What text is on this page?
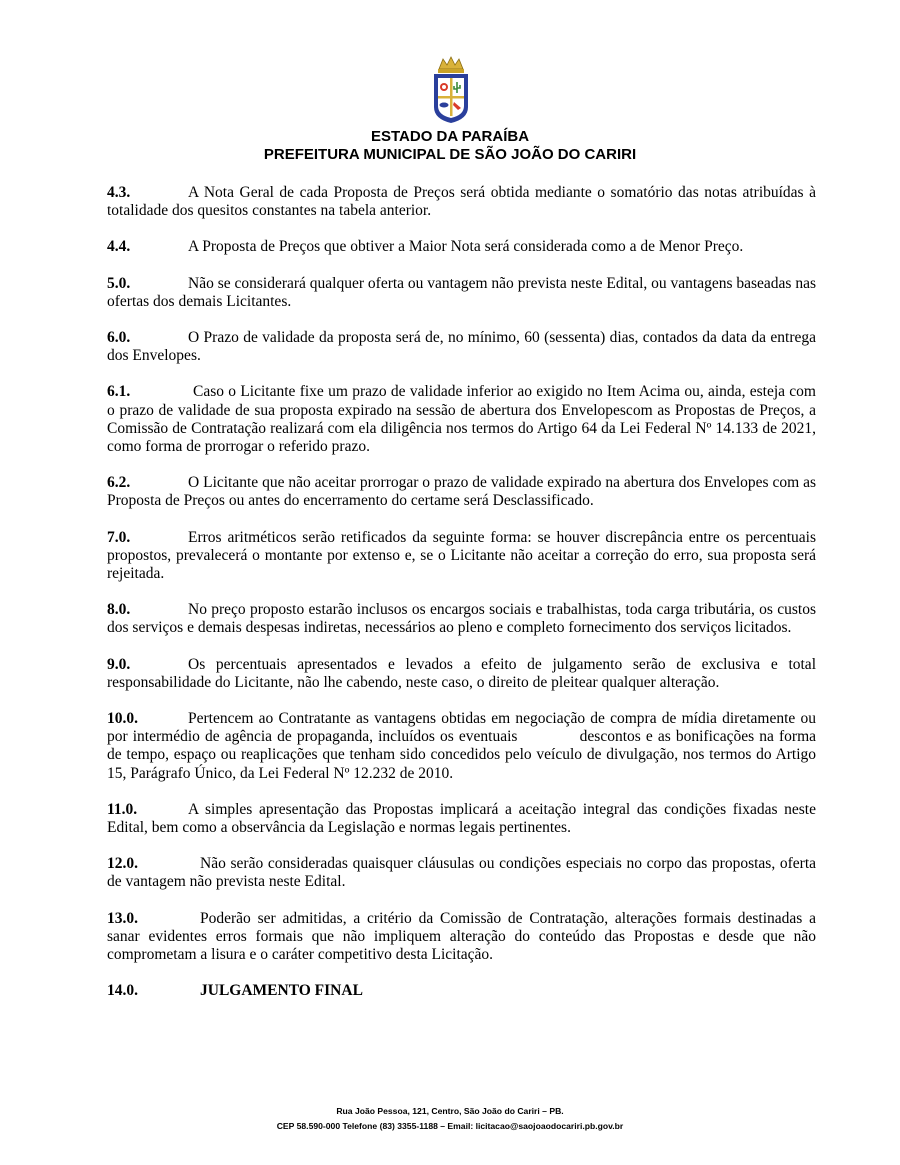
ESTADO DA PARAÍBA
PREFEITURA MUNICIPAL DE SÃO JOÃO DO CARIRI

4.3.	A Nota Geral de cada Proposta de Preços será obtida mediante o somatório das notas atribuídas à totalidade dos quesitos constantes na tabela anterior.

4.4.	A Proposta de Preços que obtiver a Maior Nota será considerada como a de Menor Preço.

5.0.	Não se considerará qualquer oferta ou vantagem não prevista neste Edital, ou vantagens baseadas nas ofertas dos demais Licitantes.

6.0.	O Prazo de validade da proposta será de, no mínimo, 60 (sessenta) dias, contados da data da entrega dos Envelopes.

6.1.	Caso o Licitante fixe um prazo de validade inferior ao exigido no Item Acima ou, ainda, esteja com o prazo de validade de sua proposta expirado na sessão de abertura dos Envelopescom as Propostas de Preços, a Comissão de Contratação realizará com ela diligência nos termos do Artigo 64 da Lei Federal Nº 14.133 de 2021, como forma de prorrogar o referido prazo.

6.2.	O Licitante que não aceitar prorrogar o prazo de validade expirado na abertura dos Envelopes com as Proposta de Preços ou antes do encerramento do certame será Desclassificado.

7.0.	Erros aritméticos serão retificados da seguinte forma: se houver discrepância entre os percentuais propostos, prevalecerá o montante por extenso e, se o Licitante não aceitar a correção do erro, sua proposta será rejeitada.

8.0.	No preço proposto estarão inclusos os encargos sociais e trabalhistas, toda carga tributária, os custos dos serviços e demais despesas indiretas, necessários ao pleno e completo fornecimento dos serviços licitados.

9.0.	Os percentuais apresentados e levados a efeito de julgamento serão de exclusiva e total responsabilidade do Licitante, não lhe cabendo, neste caso, o direito de pleitear qualquer alteração.

10.0.	Pertencem ao Contratante as vantagens obtidas em negociação de compra de mídia diretamente ou por intermédio de agência de propaganda, incluídos os eventuais	descontos e as bonificações na forma de tempo, espaço ou reaplicações que tenham sido concedidos pelo veículo de divulgação, nos termos do Artigo 15, Parágrafo Único, da Lei Federal Nº 12.232 de 2010.

11.0.	A simples apresentação das Propostas implicará a aceitação integral das condições fixadas neste Edital, bem como a observância da Legislação e normas legais pertinentes.

12.0.	Não serão consideradas quaisquer cláusulas ou condições especiais no corpo das propostas, oferta de vantagem não prevista neste Edital.

13.0.	Poderão ser admitidas, a critério da Comissão de Contratação, alterações formais destinadas a sanar evidentes erros formais que não impliquem alteração do conteúdo das Propostas e desde que não comprometam a lisura e o caráter competitivo desta Licitação.

14.0.	JULGAMENTO FINAL

Rua João Pessoa, 121, Centro, São João do Cariri – PB.
CEP 58.590-000 Telefone (83) 3355-1188 – Email: licitacao@saojoaodocariri.pb.gov.br
